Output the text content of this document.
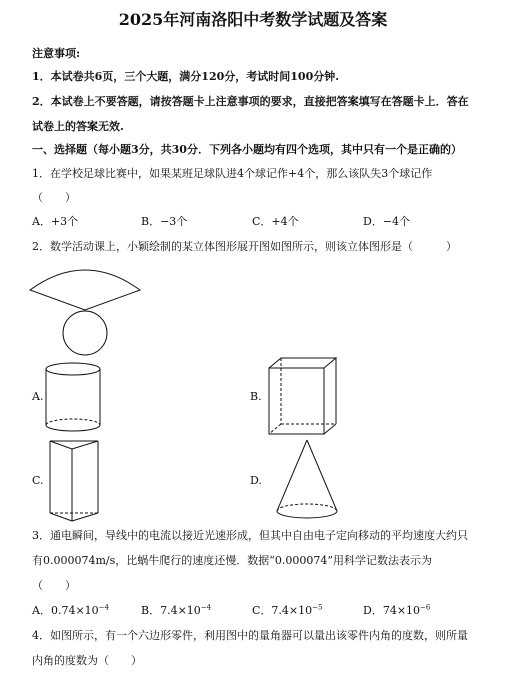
2025年河南洛阳中考数学试题及答案
注意事项:
1．本试卷共6页，三个大题，满分120分，考试时间100分钟.
2．本试卷上不要答题，请按答题卡上注意事项的要求，直接把答案填写在答题卡上．答在
试卷上的答案无效.
一、选择题（每小题3分，共30分．下列各小题均有四个选项，其中只有一个是正确的）
1．在学校足球比赛中，如果某班足球队进4个球记作+4个，那么该队失3个球记作
（　　）
A．+3个	B．−3个	C．+4个	D．−4个
2．数学活动课上，小颖绘制的某立体图形展开图如图所示，则该立体图形是（　　　）
A.	B.
C.	D.
3．通电瞬间，导线中的电流以接近光速形成，但其中自由电子定向移动的平均速度大约只
有0.000074m/s，比蜗牛爬行的速度还慢．数据“0.000074”用科学记数法表示为
（　　）
A．$0.74\times 10^{-4}$	B．$7.4\times 10^{-4}$	C．$7.4\times 10^{-5}$	D．$74\times 10^{-6}$
4．如图所示，有一个六边形零件，利用图中的量角器可以量出该零件内角的度数，则所量
内角的度数为（　　）
